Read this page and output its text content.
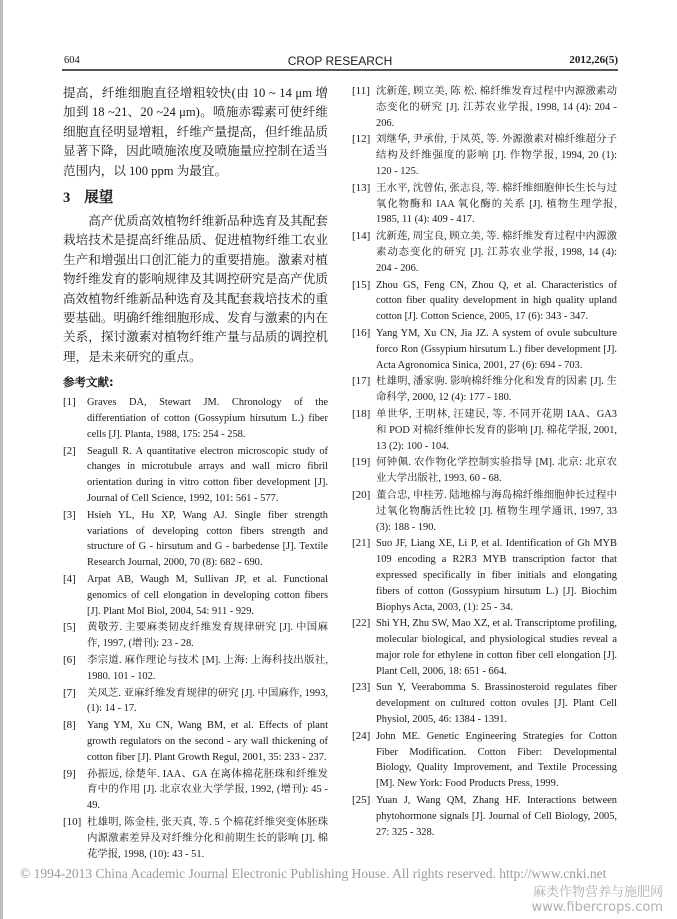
604	CROP RESEARCH	2012,26(5)

提高，纤维细胞直径增粗较快(由 10 ~ 14 μm 增加到 18 ~21、20 ~24 μm)。喷施赤霉素可使纤维细胞直径明显增粗，纤维产量提高，但纤维品质显著下降，因此喷施浓度及喷施量应控制在适当范围内，以 100 ppm 为最宜。

3 展望

高产优质高效植物纤维新品种选育及其配套栽培技术是提高纤维品质、促进植物纤维工农业生产和增强出口创汇能力的重要措施。激素对植物纤维发育的影响规律及其调控研究是高产优质高效植物纤维新品种选育及其配套栽培技术的重要基础。明确纤维细胞形成、发育与激素的内在关系，探讨激素对植物纤维产量与品质的调控机理，是未来研究的重点。

参考文献:
[1] Graves DA, Stewart JM. Chronology of the differentiation of cotton (Gossypium hirsutum L.) fiber cells [J]. Planta, 1988, 175: 254 - 258.
[2] Seagull R. A quantitative electron microscopic study of changes in microtubule arrays and wall micro fibril orientation during in vitro cotton fiber development [J]. Journal of Cell Science, 1992, 101: 561 - 577.
[3] Hsieh YL, Hu XP, Wang AJ. Single fiber strength variations of developing cotton fibers strength and structure of G - hirsutum and G - barbedense [J]. Textile Research Journal, 2000, 70 (8): 682 - 690.
[4] Arpat AB, Waugh M, Sullivan JP, et al. Functional genomics of cell elongation in developing cotton fibers [J]. Plant Mol Biol, 2004, 54: 911 - 929.
[5] 黄敬芳. 主要麻类韧皮纤维发育规律研究 [J]. 中国麻作, 1997, (增刊): 23 - 28.
[6] 李宗道. 麻作理论与技术 [M]. 上海: 上海科技出版社, 1980. 101 - 102.
[7] 关凤芝. 亚麻纤维发育规律的研究 [J]. 中国麻作, 1993, (1): 14 - 17.
[8] Yang YM, Xu CN, Wang BM, et al. Effects of plant growth regulators on the second - ary wall thickening of cotton fiber [J]. Plant Growth Regul, 2001, 35: 233 - 237.
[9] 孙振远, 徐楚年. IAA、GA 在离体棉花胚珠和纤维发育中的作用 [J]. 北京农业大学学报, 1992, (增刊): 45 - 49.
[10] 杜雄明, 陈金桂, 张天真, 等. 5 个棉花纤维突变体胚珠内源激素差异及对纤维分化和前期生长的影响 [J]. 棉花学报, 1998, (10): 43 - 51.
[11] 沈新莲, 顾立美, 陈 松. 棉纤维发育过程中内源激素动态变化的研究 [J]. 江苏农业学报, 1998, 14 (4): 204 - 206.
[12] 刘继华, 尹承佾, 于凤英, 等. 外源激素对棉纤维超分子结构及纤维强度的影响 [J]. 作物学报, 1994, 20 (1): 120 - 125.
[13] 王水平, 沈曾佑, 张志良, 等. 棉纤维细胞伸长生长与过氧化物酶和 IAA 氧化酶的关系 [J]. 植物生理学报, 1985, 11 (4): 409 - 417.
[14] 沈新莲, 周宝良, 顾立美, 等. 棉纤维发育过程中内源激素动态变化的研究 [J]. 江苏农业学报, 1998, 14 (4): 204 - 206.
[15] Zhou GS, Feng CN, Zhou Q, et al. Characteristics of cotton fiber quality development in high quality upland cotton [J]. Cotton Science, 2005, 17 (6): 343 - 347.
[16] Yang YM, Xu CN, Jia JZ. A system of ovule subculture forco Ron (Gssypium hirsutum L.) fiber development [J]. Acta Agronomica Sinica, 2001, 27 (6): 694 - 703.
[17] 杜雄明, 潘家驹. 影响棉纤维分化和发育的因素 [J]. 生命科学, 2000, 12 (4): 177 - 180.
[18] 单世华, 王明林, 汪建民, 等. 不同开花期 IAA、GA3 和 POD 对棉纤维伸长发育的影响 [J]. 棉花学报, 2001, 13 (2): 100 - 104.
[19] 何钟佩. 农作物化学控制实验指导 [M]. 北京: 北京农业大学出版社, 1993. 60 - 68.
[20] 董合忠, 申桂芳. 陆地棉与海岛棉纤维细胞伸长过程中过氧化物酶活性比较 [J]. 植物生理学通讯, 1997, 33 (3): 188 - 190.
[21] Suo JF, Liang XE, Li P, et al. Identification of Gh MYB 109 encoding a R2R3 MYB transcription factor that expressed specifically in fiber initials and elongating fibers of cotton (Gossypium hirsutum L.) [J]. Biochim Biophys Acta, 2003, (1): 25 - 34.
[22] Shi YH, Zhu SW, Mao XZ, et al. Transcriptome profiling, molecular biological, and physiological studies reveal a major role for ethylene in cotton fiber cell elongation [J]. Plant Cell, 2006, 18: 651 - 664.
[23] Sun Y, Veerabomma S. Brassinosteroid regulates fiber development on cultured cotton ovules [J]. Plant Cell Physiol, 2005, 46: 1384 - 1391.
[24] John ME. Genetic Engineering Strategies for Cotton Fiber Modification. Cotton Fiber: Developmental Biology, Quality Improvement, and Textile Processing [M]. New York: Food Products Press, 1999.
[25] Yuan J, Wang QM, Zhang HF. Interactions between phytohormone signals [J]. Journal of Cell Biology, 2005, 27: 325 - 328.
© 1994-2013 China Academic Journal Electronic Publishing House. All rights reserved. http://www.cnki.net
麻类作物营养与施肥网
www.fibercrops.com
